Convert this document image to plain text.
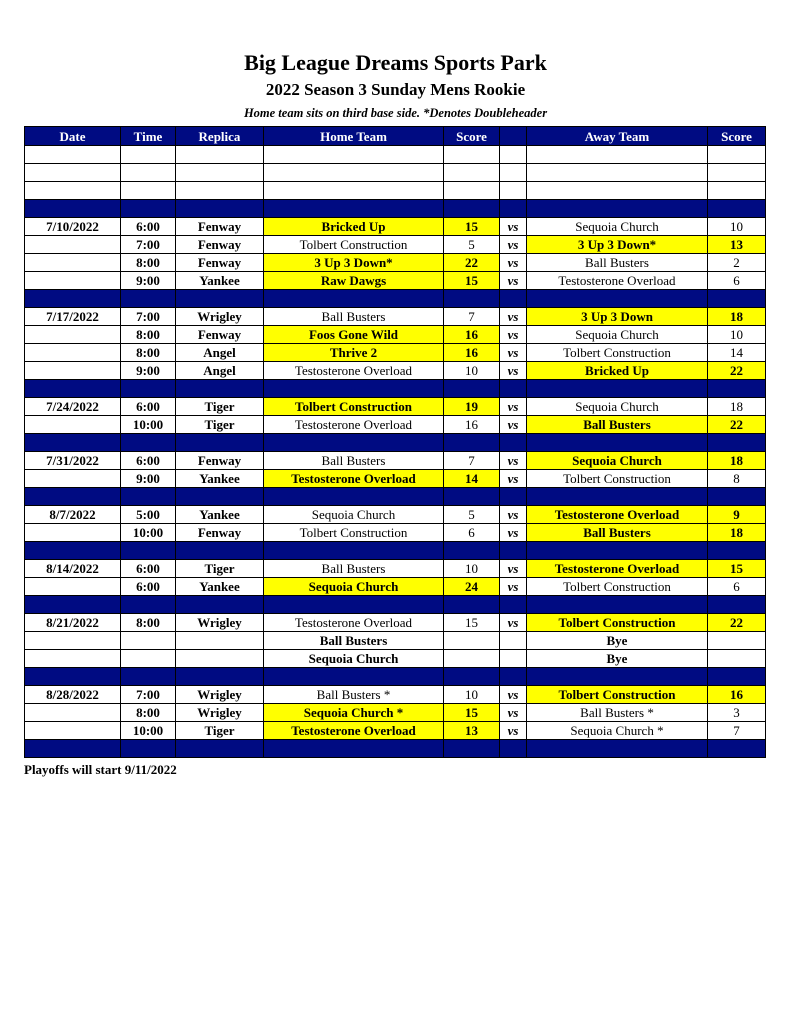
Big League Dreams Sports Park
2022 Season 3 Sunday Mens Rookie
Home team sits on third base side. *Denotes Doubleheader
Date	Time	Replica	Home Team	Score		Away Team	Score

7/10/2022	6:00	Fenway	Bricked Up	15	vs	Sequoia Church	10
	7:00	Fenway	Tolbert Construction	5	vs	3 Up 3 Down*	13
	8:00	Fenway	3 Up 3 Down*	22	vs	Ball Busters	2
	9:00	Yankee	Raw Dawgs	15	vs	Testosterone Overload	6

7/17/2022	7:00	Wrigley	Ball Busters	7	vs	3 Up 3 Down	18
	8:00	Fenway	Foos Gone Wild	16	vs	Sequoia Church	10
	8:00	Angel	Thrive 2	16	vs	Tolbert Construction	14
	9:00	Angel	Testosterone Overload	10	vs	Bricked Up	22

7/24/2022	6:00	Tiger	Tolbert Construction	19	vs	Sequoia Church	18
	10:00	Tiger	Testosterone Overload	16	vs	Ball Busters	22

7/31/2022	6:00	Fenway	Ball Busters	7	vs	Sequoia Church	18
	9:00	Yankee	Testosterone Overload	14	vs	Tolbert Construction	8

8/7/2022	5:00	Yankee	Sequoia Church	5	vs	Testosterone Overload	9
	10:00	Fenway	Tolbert Construction	6	vs	Ball Busters	18

8/14/2022	6:00	Tiger	Ball Busters	10	vs	Testosterone Overload	15
	6:00	Yankee	Sequoia Church	24	vs	Tolbert Construction	6

8/21/2022	8:00	Wrigley	Testosterone Overload	15	vs	Tolbert Construction	22
			Ball Busters			Bye	
			Sequoia Church			Bye	

8/28/2022	7:00	Wrigley	Ball Busters *	10	vs	Tolbert Construction	16
	8:00	Wrigley	Sequoia Church *	15	vs	Ball Busters *	3
	10:00	Tiger	Testosterone Overload	13	vs	Sequoia Church *	7

Playoffs will start 9/11/2022
